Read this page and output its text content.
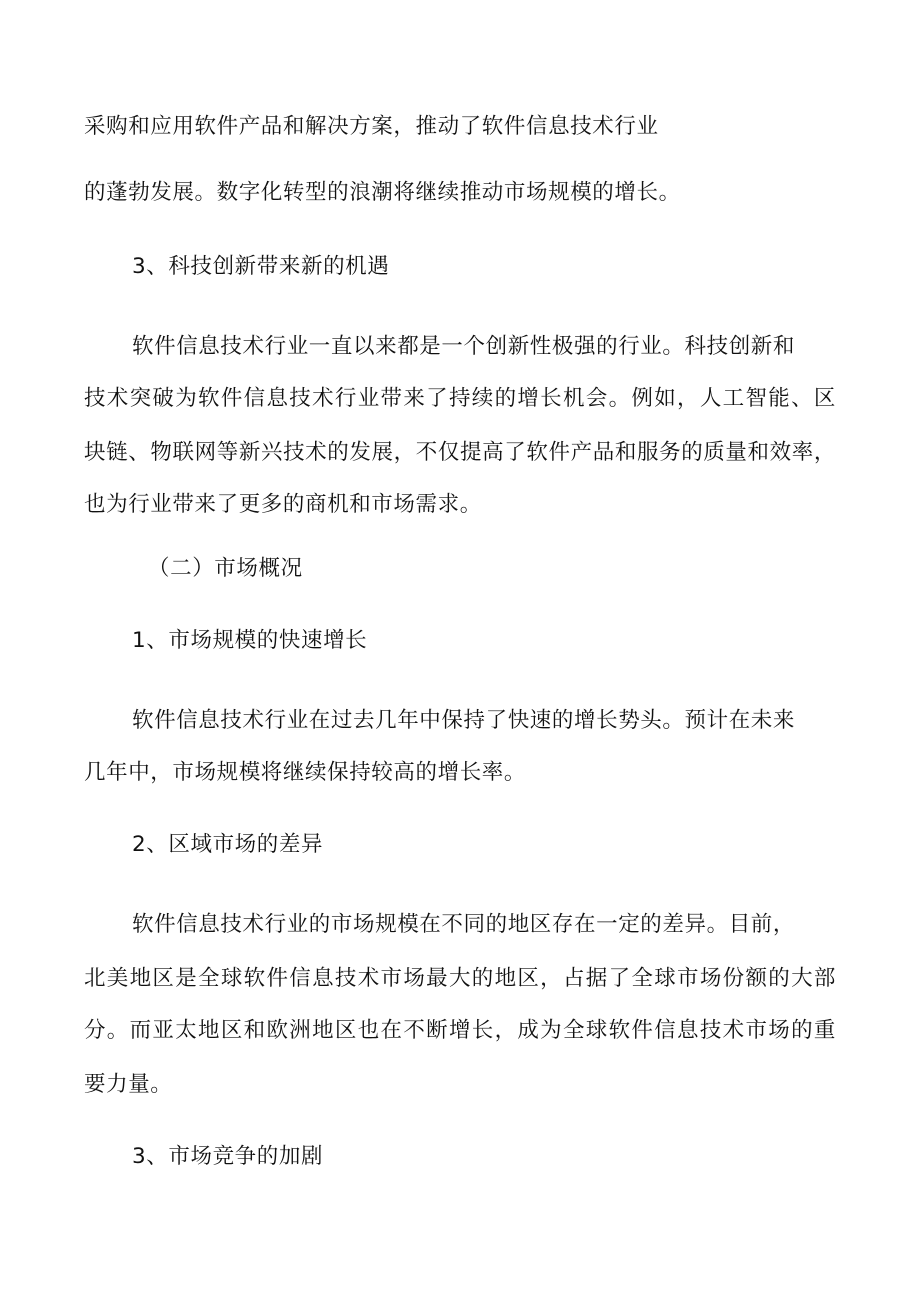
采购和应用软件产品和解决方案，推动了软件信息技术行业
的蓬勃发展。数字化转型的浪潮将继续推动市场规模的增长。
3、科技创新带来新的机遇
软件信息技术行业一直以来都是一个创新性极强的行业。科技创新和
技术突破为软件信息技术行业带来了持续的增长机会。例如，人工智能、区
块链、物联网等新兴技术的发展，不仅提高了软件产品和服务的质量和效率，
也为行业带来了更多的商机和市场需求。
（二）市场概况
1、市场规模的快速增长
软件信息技术行业在过去几年中保持了快速的增长势头。预计在未来
几年中，市场规模将继续保持较高的增长率。
2、区域市场的差异
软件信息技术行业的市场规模在不同的地区存在一定的差异。目前，
北美地区是全球软件信息技术市场最大的地区，占据了全球市场份额的大部
分。而亚太地区和欧洲地区也在不断增长，成为全球软件信息技术市场的重
要力量。
3、市场竞争的加剧
